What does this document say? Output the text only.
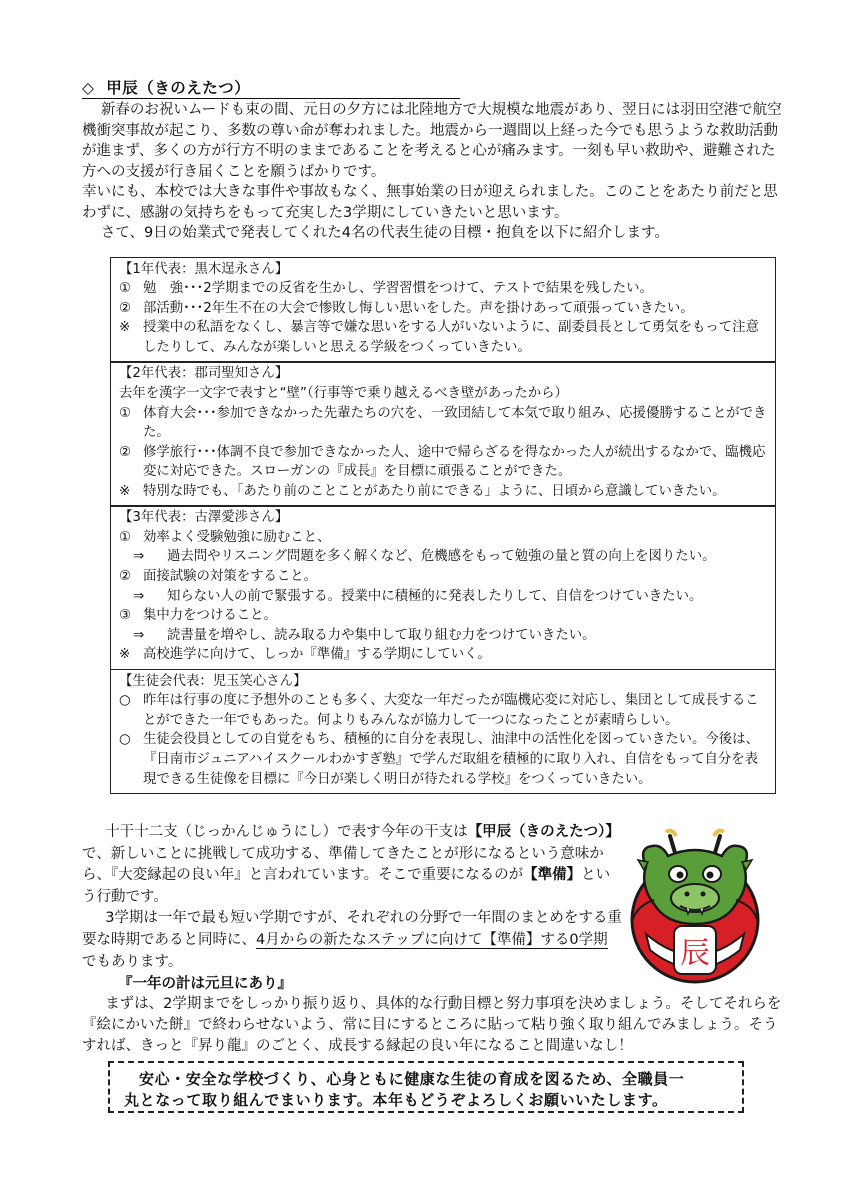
◇ 甲辰（きのえたつ）

新春のお祝いムードも束の間、元日の夕方には北陸地方で大規模な地震があり、翌日には羽田空港で航空機衝突事故が起こり、多数の尊い命が奪われました。地震から一週間以上経った今でも思うような救助活動が進まず、多くの方が行方不明のままであることを考えると心が痛みます。一刻も早い救助や、避難された方への支援が行き届くことを願うばかりです。

幸いにも、本校では大きな事件や事故もなく、無事始業の日が迎えられました。このことをあたり前だと思わずに、感謝の気持ちをもって充実した3学期にしていきたいと思います。

さて、9日の始業式で発表してくれた4名の代表生徒の目標・抱負を以下に紹介します。

【1年代表：黒木逞永さん】

① 勉　強･･･2学期までの反省を生かし、学習習慣をつけて、テストで結果を残したい。

② 部活動･･･2年生不在の大会で惨敗し悔しい思いをした。声を掛けあって頑張っていきたい。

※ 授業中の私語をなくし、暴言等で嫌な思いをする人がいないように、副委員長として勇気をもって注意したりして、みんなが楽しいと思える学級をつくっていきたい。

【2年代表：郡司聖知さん】

去年を漢字一文字で表すと“壁”（行事等で乗り越えるべき壁があったから）

① 体育大会･･･参加できなかった先輩たちの穴を、一致団結して本気で取り組み、応援優勝することができた。

② 修学旅行･･･体調不良で参加できなかった人、途中で帰らざるを得なかった人が続出するなかで、臨機応変に対応できた。スローガンの『成長』を目標に頑張ることができた。

※ 特別な時でも、「あたり前のことことがあたり前にできる」ように、日頃から意識していきたい。

【3年代表：古澤愛渉さん】

① 効率よく受験勉強に励むこと、

⇒	過去問やリスニング問題を多く解くなど、危機感をもって勉強の量と質の向上を図りたい。

② 面接試験の対策をすること。

⇒	知らない人の前で緊張する。授業中に積極的に発表したりして、自信をつけていきたい。

③ 集中力をつけること。

⇒	読書量を増やし、読み取る力や集中して取り組む力をつけていきたい。

※ 高校進学に向けて、しっか『準備』する学期にしていく。

【生徒会代表：児玉笑心さん】

○ 昨年は行事の度に予想外のことも多く、大変な一年だったが臨機応変に対応し、集団として成長することができた一年でもあった。何よりもみんなが協力して一つになったことが素晴らしい。

○ 生徒会役員としての自覚をもち、積極的に自分を表現し、油津中の活性化を図っていきたい。今後は、『日南市ジュニアハイスクールわかすぎ塾』で学んだ取組を積極的に取り入れ、自信をもって自分を表現できる生徒像を目標に『今日が楽しく明日が待たれる学校』をつくっていきたい。

十干十二支（じっかんじゅうにし）で表す今年の干支は【甲辰（きのえたつ）】で、新しいことに挑戦して成功する、準備してきたことが形になるという意味から、『大変縁起の良い年』と言われています。そこで重要になるのが【準備】という行動です。

3学期は一年で最も短い学期ですが、それぞれの分野で一年間のまとめをする重要な時期であると同時に、4月からの新たなステップに向けて【準備】する0学期でもあります。	辰
『一年の計は元旦にあり』

まずは、2学期までをしっかり振り返り、具体的な行動目標と努力事項を決めましょう。そしてそれらを『絵にかいた餅』で終わらせないよう、常に目にするところに貼って粘り強く取り組んでみましょう。そうすれば、きっと『昇り龍』のごとく、成長する縁起の良い年になること間違いなし！

安心・安全な学校づくり、心身ともに健康な生徒の育成を図るため、全職員一

丸となって取り組んでまいります。本年もどうぞよろしくお願いいたします。
